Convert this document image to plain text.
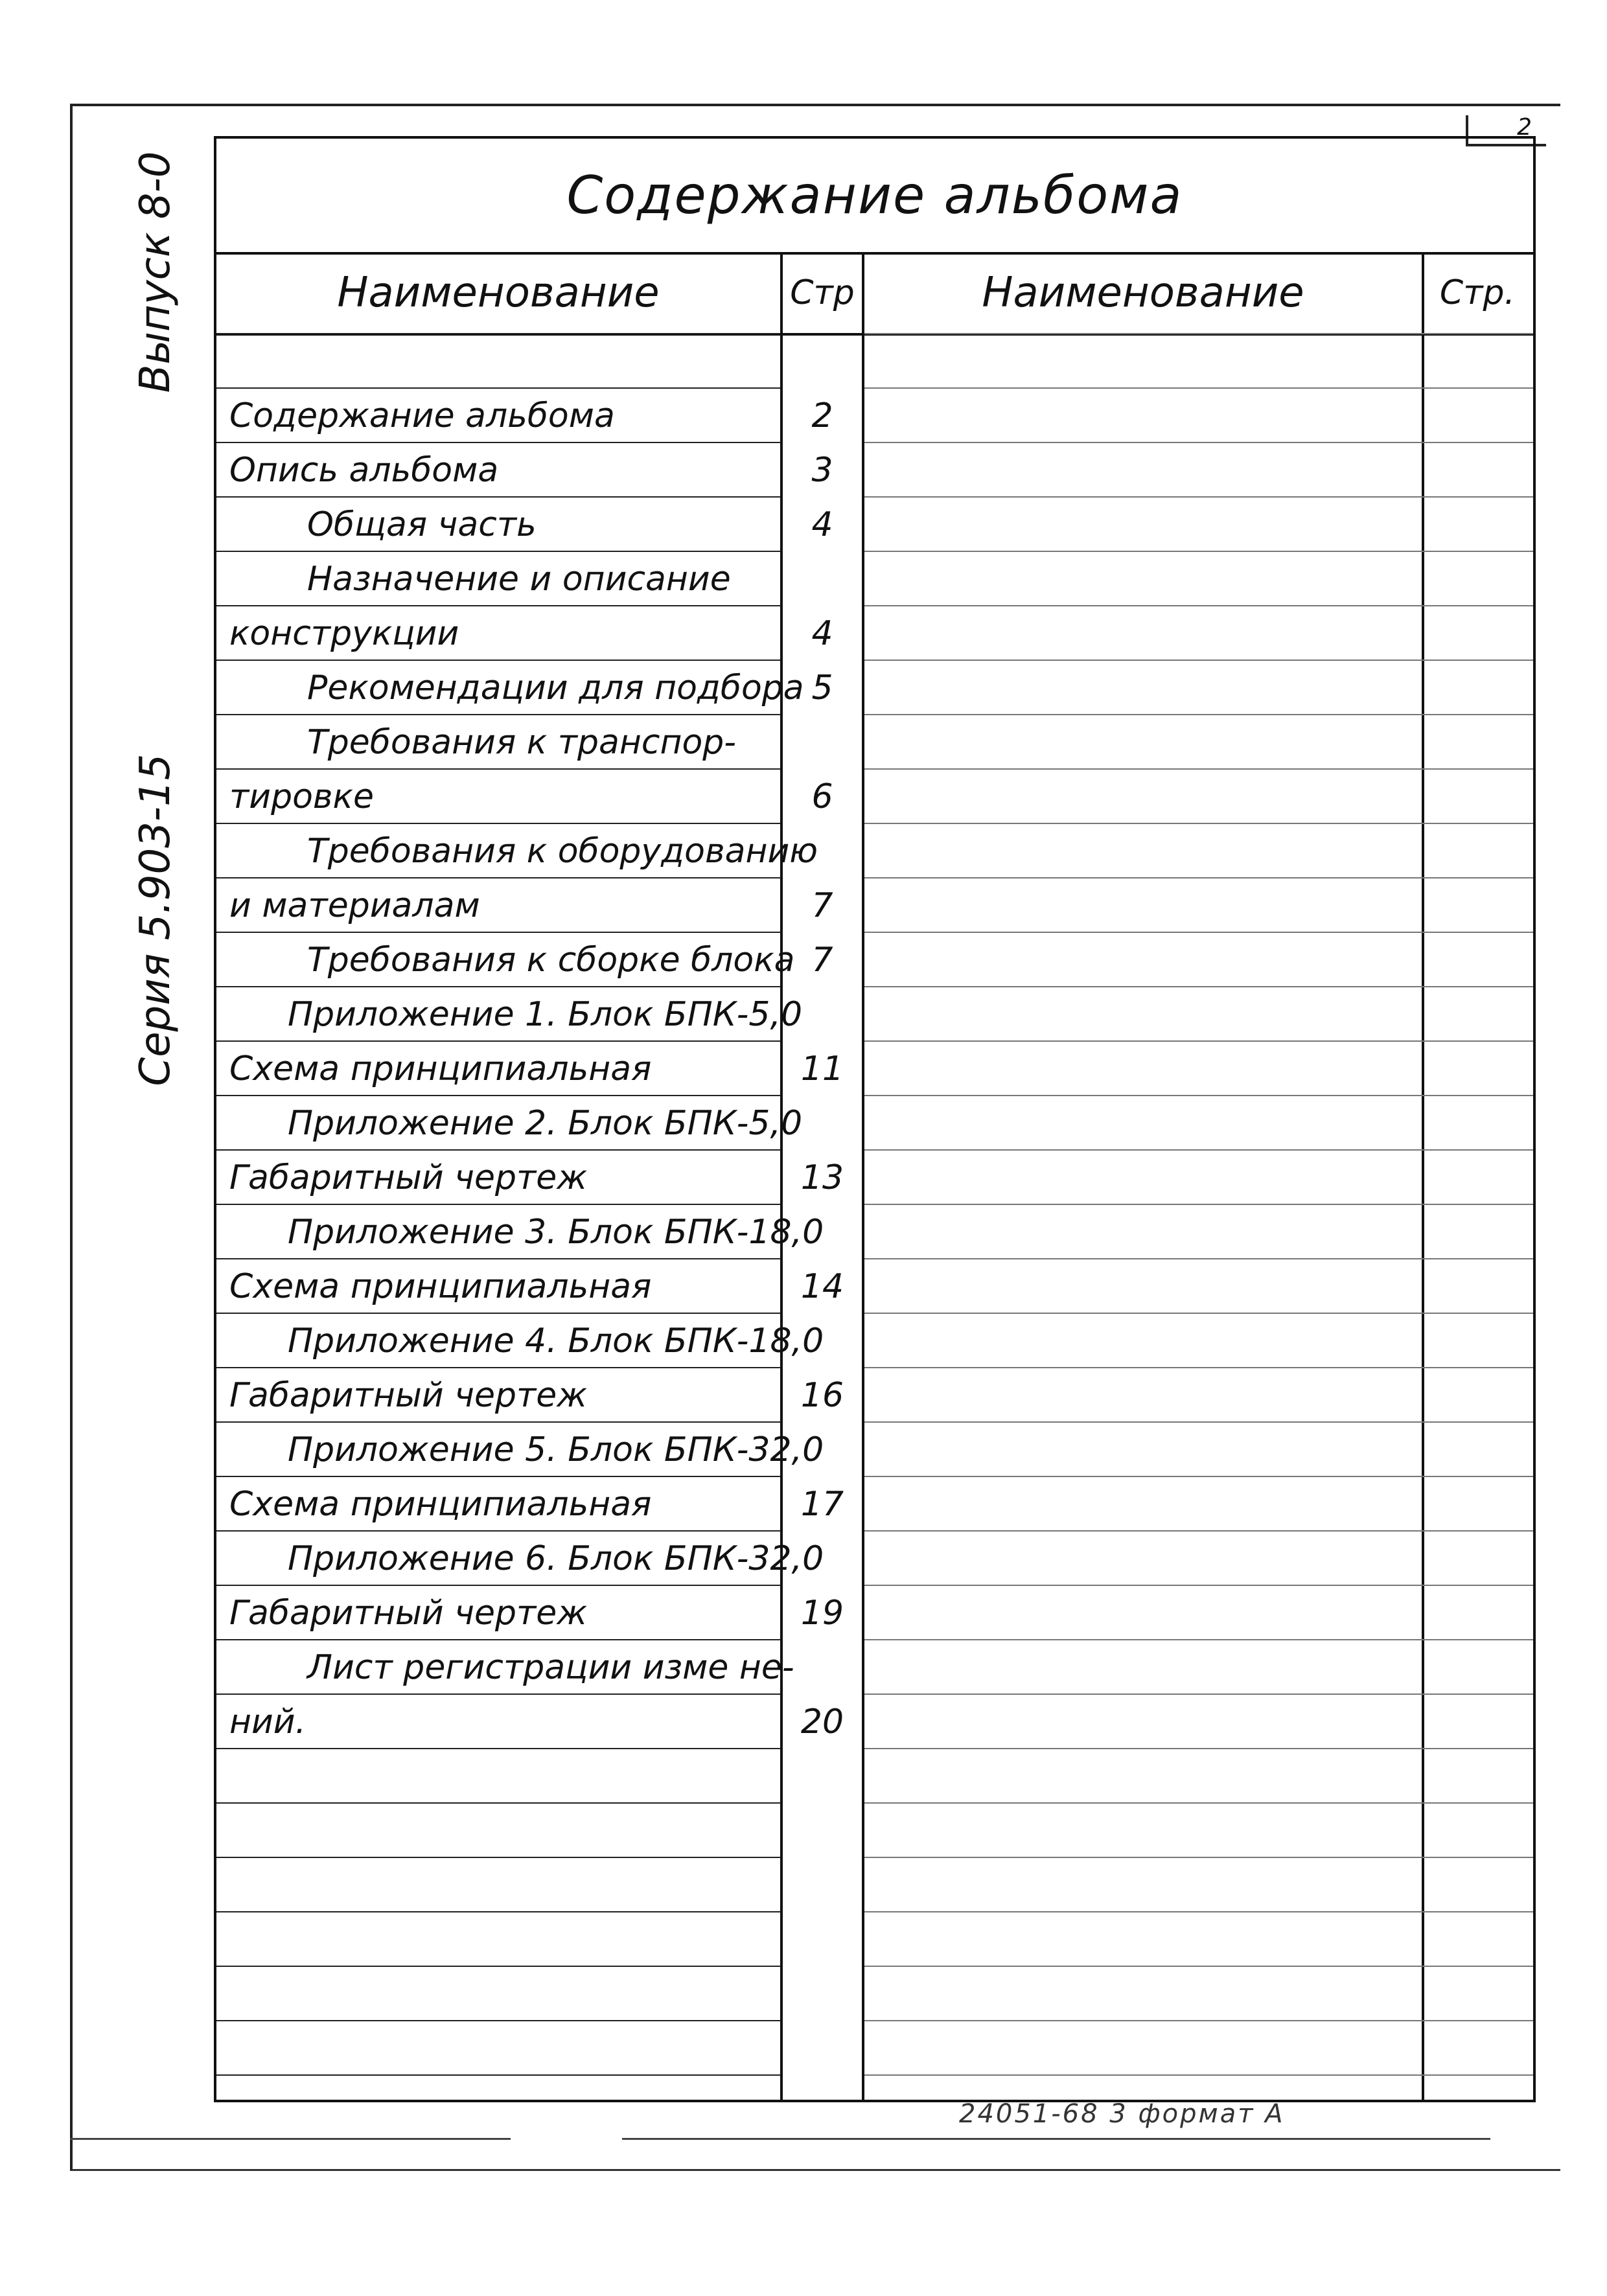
2
Выпуск 8-0
Серия 5.903-15
Содержание альбома
Наименование	Стр	Наименование	Стр.
Содержание альбома	2
Опись альбома	3
Общая часть	4
Назначение и описание
конструкции	4
Рекомендации для подбора 5
Требования к транспор-
тировке	6
Требования к оборудованию
и материалам	7
Требования к сборке блока 7
Приложение 1. Блок БПК-5,0
Схема принципиальная	11
Приложение 2. Блок БПК-5,0
Габаритный чертеж	13
Приложение 3. Блок БПК-18,0
Схема принципиальная	14
Приложение 4. Блок БПК-18,0
Габаритный чертеж	16
Приложение 5. Блок БПК-32,0
Схема принципиальная	17
Приложение 6. Блок БПК-32,0
Габаритный чертеж	19
Лист регистрации изме не-
ний.	20
24051-68 3 формат А
